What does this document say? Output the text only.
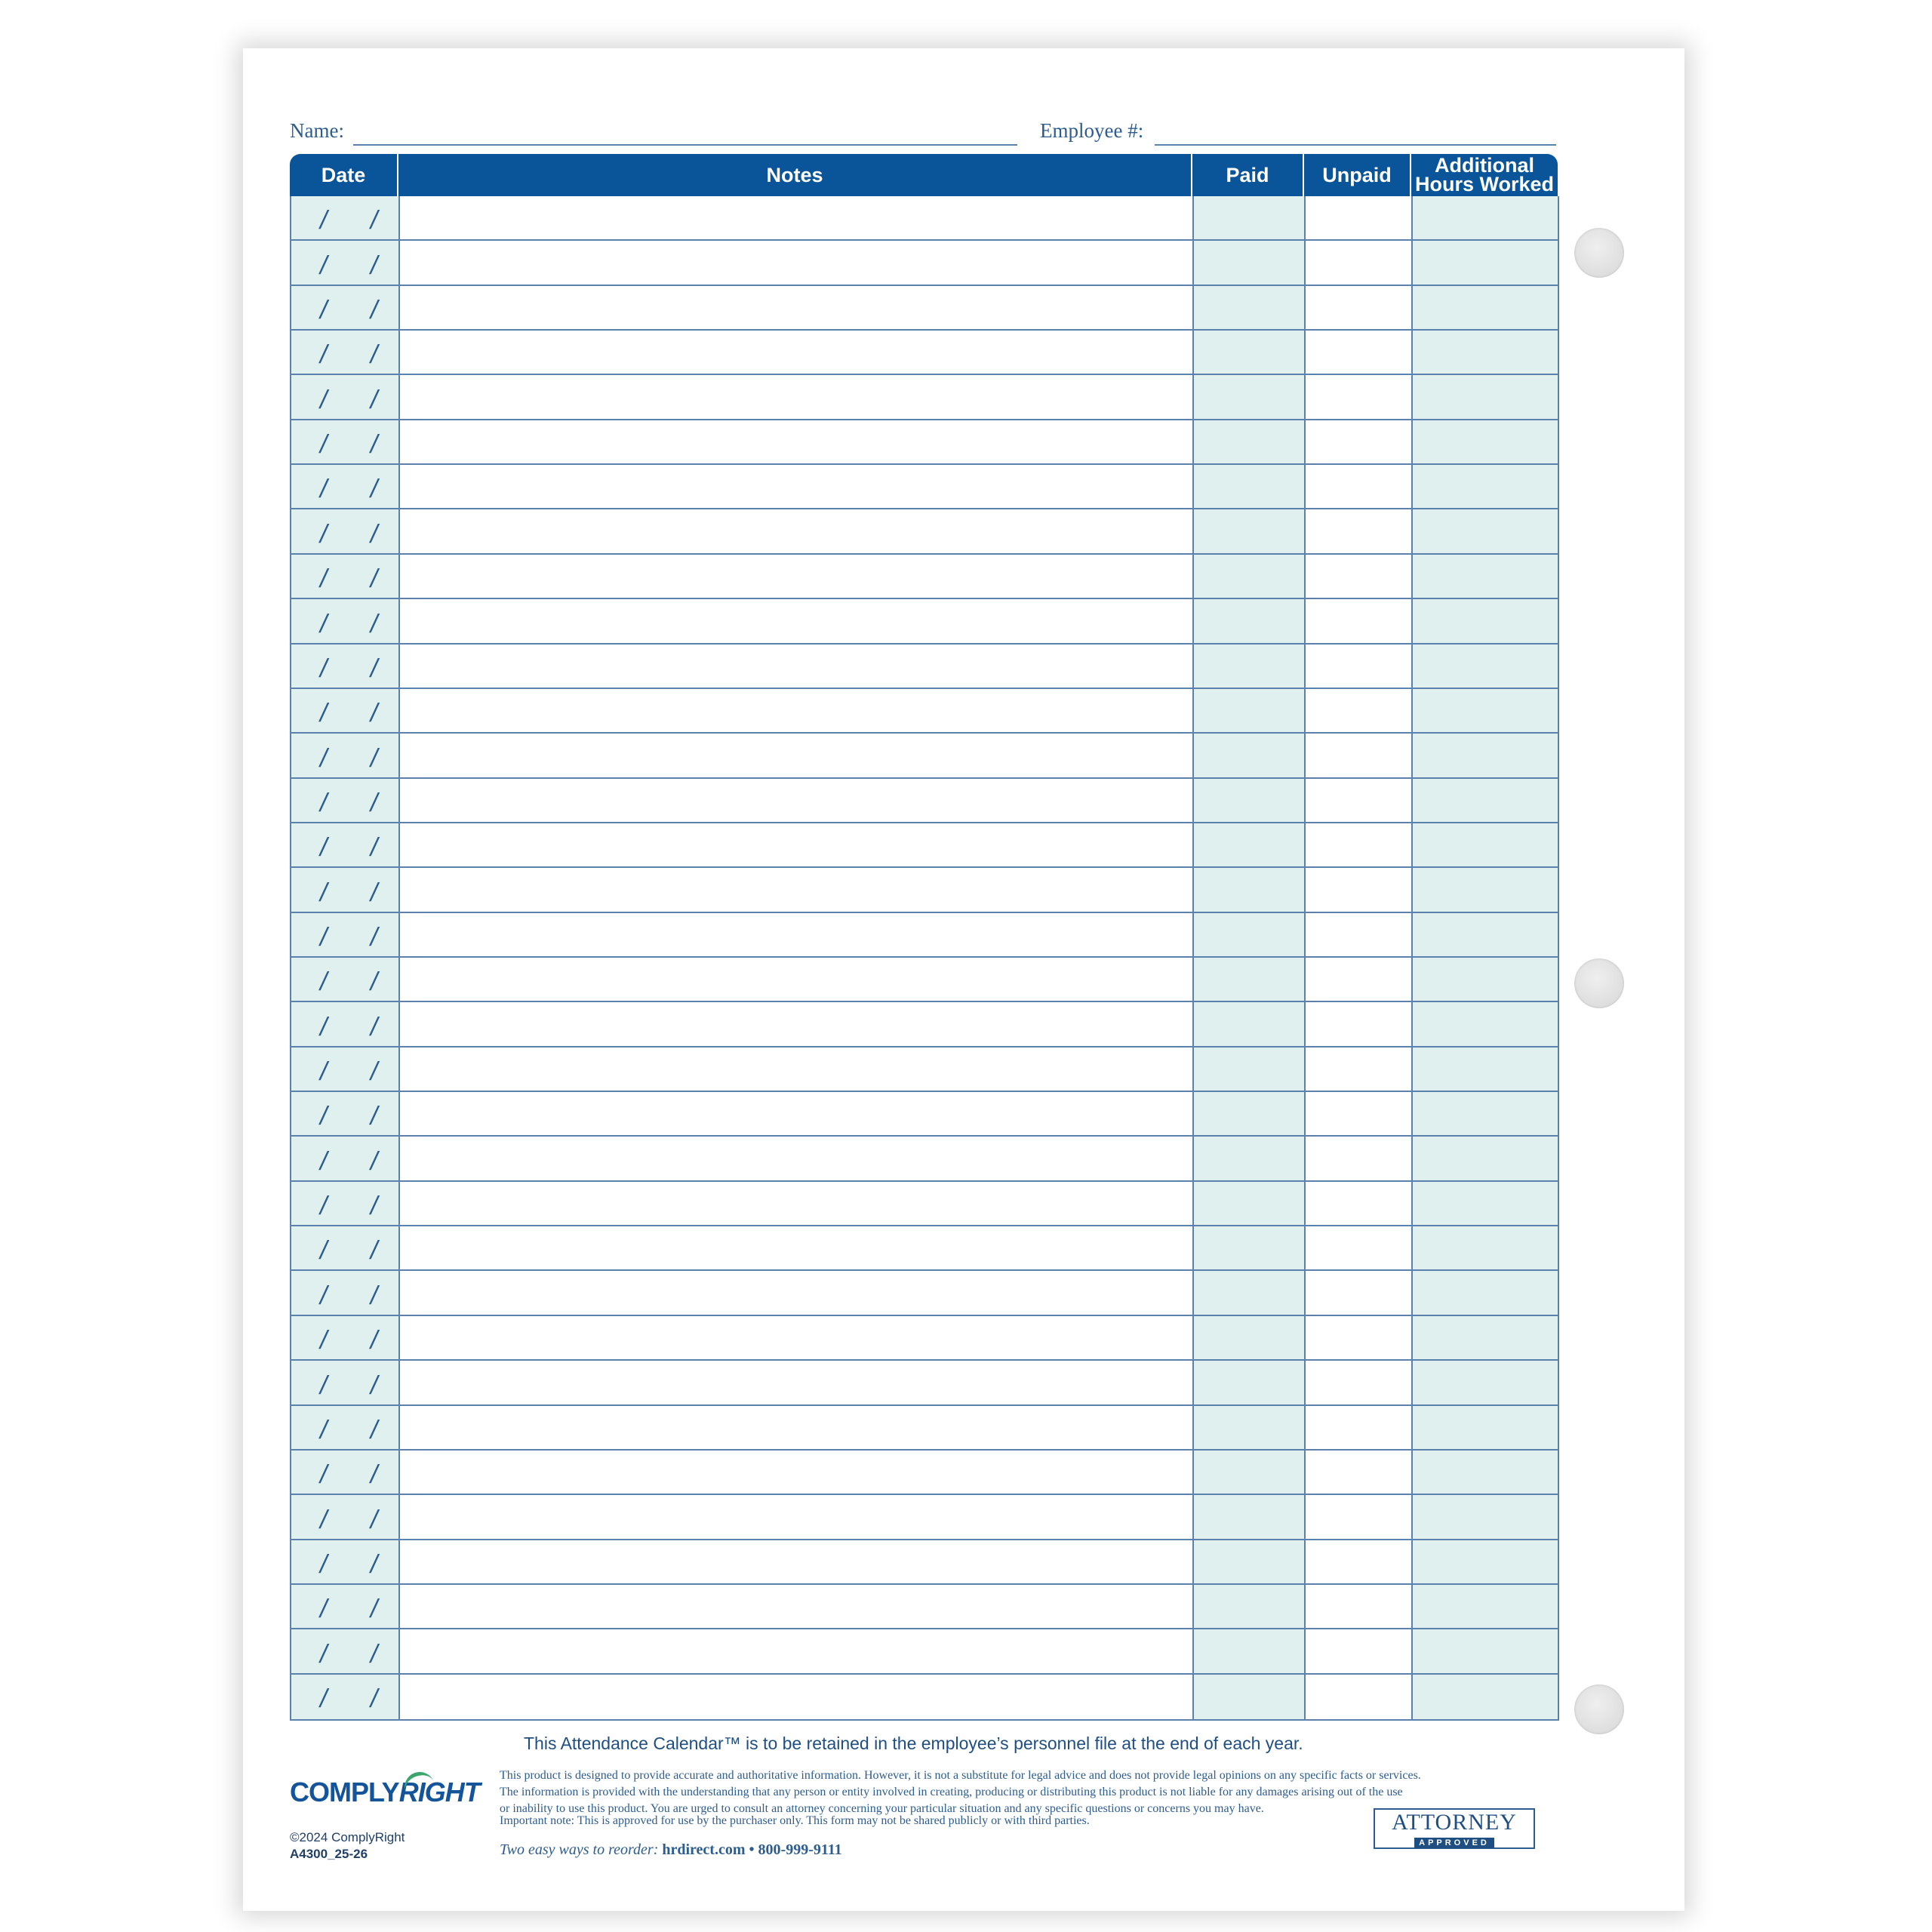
Name:	Employee #:
Date	Notes	Paid	Unpaid	Additional
Hours Worked
/ /
/ /
/ /
/ /
/ /
/ /
/ /
/ /
/ /
/ /
/ /
/ /
/ /
/ /
/ /
/ /
/ /
/ /
/ /
/ /
/ /
/ /
/ /
/ /
/ /
/ /
/ /
/ /
/ /
/ /
/ /
/ /
/ /
/ /
This Attendance Calendar™ is to be retained in the employee’s personnel file at the end of each year.
COMPLYRIGHT
©2024 ComplyRight
A4300_25-26

This product is designed to provide accurate and authoritative information. However, it is not a substitute for legal advice and does not provide legal opinions on any specific facts or services.

The information is provided with the understanding that any person or entity involved in creating, producing or distributing this product is not liable for any damages arising out of the use

or inability to use this product. You are urged to consult an attorney concerning your particular situation and any specific questions or concerns you may have.

Important note: This is approved for use by the purchaser only. This form may not be shared publicly or with third parties.
Two easy ways to reorder: hrdirect.com • 800-999-9111
ATTORNEY
APPROVED
